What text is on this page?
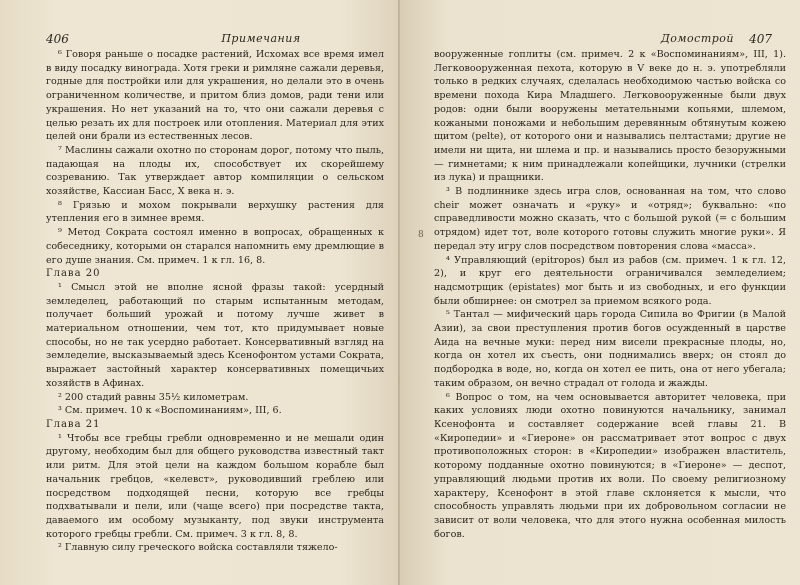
406	Примечания

⁶ Говоря раньше о посадке растений, Исхомах все время имел в виду посадку винограда. Хотя греки и римляне сажали деревья, годные для постройки или для украшения, но делали это в очень ограниченном количестве, и притом близ домов, ради тени или украшения. Но нет указаний на то, что они сажали деревья с целью резать их для построек или отопления. Материал для этих целей они брали из естественных лесов.

⁷ Маслины сажали охотно по сторонам дорог, потому что пыль, падающая на плоды их, способствует их скорейшему созреванию. Так утверждает автор компиляции о сельском хозяйстве, Кассиан Басс, X века н. э.

⁸ Грязью и мохом покрывали верхушку растения для утепления его в зимнее время.

⁹ Метод Сократа состоял именно в вопросах, обращенных к собеседнику, которыми он старался напомнить ему дремлющие в его душе знания. См. примеч. 1 к гл. 16, 8.

Глава 20

¹ Смысл этой не вполне ясной фразы такой: усердный земледелец, работающий по старым испытанным методам, получает больший урожай и потому лучше живет в материальном отношении, чем тот, кто придумывает новые способы, но не так усердно работает. Консервативный взгляд на земледелие, высказываемый здесь Ксенофонтом устами Сократа, выражает застойный характер консервативных помещичьих хозяйств в Афинах.

² 200 стадий равны 35½ километрам.

³ См. примеч. 10 к «Воспоминаниям», III, 6.

Глава 21

¹ Чтобы все гребцы гребли одновременно и не мешали один другому, необходим был для общего руководства известный такт или ритм. Для этой цели на каждом большом корабле был начальник гребцов, «келевст», руководивший греблею или посредством подходящей песни, которую все гребцы подхватывали и пели, или (чаще всего) при посредстве такта, даваемого им особому музыканту, под звуки инструмента которого гребцы гребли. См. примеч. 3 к гл. 8, 8.

² Главную силу греческого войска составляли тяжело-

Домострой 407
8

вооруженные гоплиты (см. примеч. 2 к «Воспоминаниям», III, 1). Легковооруженная пехота, которую в V веке до н. э. употребляли только в редких случаях, сделалась необходимою частью войска со времени похода Кира Младшего. Легковооруженные были двух родов: одни были вооружены метательными копьями, шлемом, кожаными поножами и небольшим деревянным обтянутым кожею щитом (pelte), от которого они и назывались пелтастами; другие не имели ни щита, ни шлема и пр. и назывались просто безоружными — гимнетами; к ним принадлежали копейщики, лучники (стрелки из лука) и пращники.

³ В подлиннике здесь игра слов, основанная на том, что слово cheir может означать и «руку» и «отряд»; буквально: «по справедливости можно сказать, что с большой рукой (= с большим отрядом) идет тот, воле которого готовы служить многие руки». Я передал эту игру слов посредством повторения слова «масса».

⁴ Управляющий (epitropos) был из рабов (см. примеч. 1 к гл. 12, 2), и круг его деятельности ограничивался земледелием; надсмотрщик (epistates) мог быть и из свободных, и его функции были обширнее: он смотрел за приемом всякого рода.

⁵ Тантал — мифический царь города Сипила во Фригии (в Малой Азии), за свои преступления против богов осужденный в царстве Аида на вечные муки: перед ним висели прекрасные плоды, но, когда он хотел их съесть, они поднимались вверх; он стоял до подбородка в воде, но, когда он хотел ее пить, она от него убегала; таким образом, он вечно страдал от голода и жажды.

⁶ Вопрос о том, на чем основывается авторитет человека, при каких условиях люди охотно повинуются начальнику, занимал Ксенофонта и составляет содержание всей главы 21. В «Киропедии» и «Гиероне» он рассматривает этот вопрос с двух противоположных сторон: в «Киропедии» изображен властитель, которому подданные охотно повинуются; в «Гиероне» — деспот, управляющий людьми против их воли. По своему религиозному характеру, Ксенофонт в этой главе склоняется к мысли, что способность управлять людьми при их добровольном согласии не зависит от воли человека, что для этого нужна особенная милость богов.
